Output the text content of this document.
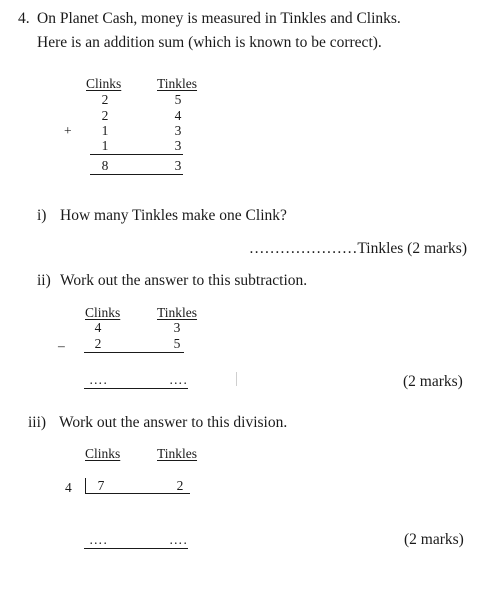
4. On Planet Cash, money is measured in Tinkles and Clinks.
Here is an addition sum (which is known to be correct).
Clinks	Tinkles
2	5
2	4
+	1	3
1	3
8	3
i) How many Tinkles make one Clink?
…………………Tinkles (2 marks)
ii) Work out the answer to this subtraction.
Clinks	Tinkles
4	3
–	2	5
….	….	(2 marks)
iii) Work out the answer to this division.
Clinks	Tinkles
4	7	2
….	….	(2 marks)
